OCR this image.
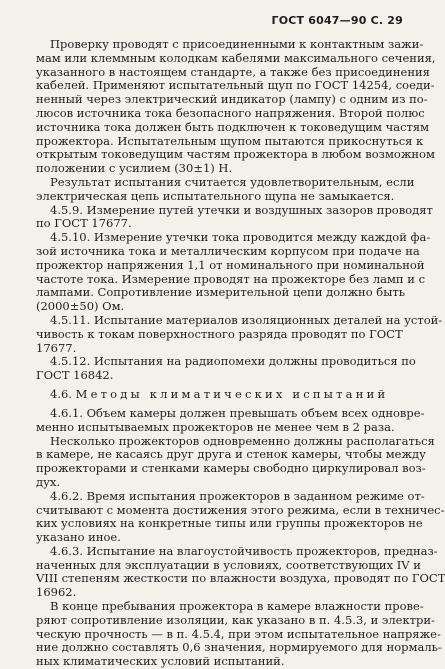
ГОСТ 6047—90 С. 29
Проверку проводят с присоединенными к контактным зажи-
мам или клеммным колодкам кабелями максимального сечения,
указанного в настоящем стандарте, а также без присоединения
кабелей. Применяют испытательный щуп по ГОСТ 14254, соеди-
ненный через электрический индикатор (лампу) с одним из по-
люсов источника тока безопасного напряжения. Второй полюс
источника тока должен быть подключен к токоведущим частям
прожектора. Испытательным щупом пытаются прикоснуться к
открытым токоведущим частям прожектора в любом возможном
положении с усилием (30±1) Н.
Результат испытания считается удовлетворительным, если
электрическая цепь испытательного щупа не замыкается.
4.5.9. Измерение путей утечки и воздушных зазоров проводят
по ГОСТ 17677.
4.5.10. Измерение утечки тока проводится между каждой фа-
зой источника тока и металлическим корпусом при подаче на
прожектор напряжения 1,1 от номинального при номинальной
частоте тока. Измерение проводят на прожекторе без ламп и с
лампами. Сопротивление измерительной цепи должно быть
(2000±50) Ом.
4.5.11. Испытание материалов изоляционных деталей на устой-
чивость к токам поверхностного разряда проводят по ГОСТ
17677.
4.5.12. Испытания на радиопомехи должны проводиться по
ГОСТ 16842.
4.6. Методы климатических испытаний
4.6.1. Объем камеры должен превышать объем всех одновре-
менно испытываемых прожекторов не менее чем в 2 раза.
Несколько прожекторов одновременно должны располагаться
в камере, не касаясь друг друга и стенок камеры, чтобы между
прожекторами и стенками камеры свободно циркулировал воз-
дух.
4.6.2. Время испытания прожекторов в заданном режиме от-
считывают с момента достижения этого режима, если в техничес-
ких условиях на конкретные типы или группы прожекторов не
указано иное.
4.6.3. Испытание на влагоустойчивость прожекторов, предназ-
наченных для эксплуатации в условиях, соответствующих IV и
VIII степеням жесткости по влажности воздуха, проводят по ГОСТ
16962.
В конце пребывания прожектора в камере влажности прове-
ряют сопротивление изоляции, как указано в п. 4.5.3, и электри-
ческую прочность — в п. 4.5.4, при этом испытательное напряже-
ние должно составлять 0,6 значения, нормируемого для нормаль-
ных климатических условий испытаний.
